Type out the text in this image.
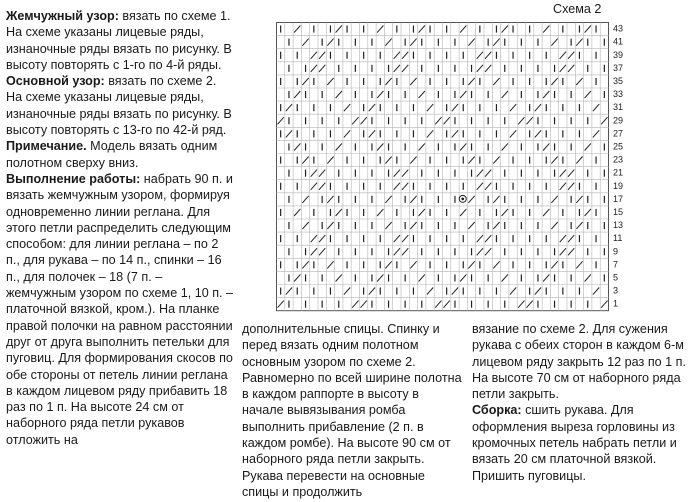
Жемчужный узор: вязать по схеме 1. На схеме указаны лицевые ряды, изнаночные ряды вязать по рисунку. В высоту повторять с 1-го по 4-й ряды.

Основной узор: вязать по схеме 2. На схеме указаны лицевые ряды, изнаночные ряды вязать по рисунку. В высоту повторять с 13-го по 42-й ряд.

Примечание. Модель вязать одним полотном сверху вниз.

Выполнение работы: набрать 90 п. и вязать жемчужным узором, формируя одновременно линии реглана. Для этого петли распределить следующим способом: для линии реглана – по 2 п., для рукава – по 14 п., спинки – 16 п., для полочек – 18 (7 п. – жемчужным узором по схеме 1, 10 п. – платочной вязкой, кром.). На планке правой полочки на равном расстоянии друг от друга выполнить петельки для пуговиц. Для формирования скосов по обе стороны от петель линии реглана в каждом лицевом ряду прибавить 18 раз по 1 п. На высоте 24 см от наборного ряда петли рукавов отложить на

Схема 2
43
41
39
37
35
33
31
29
27
25
23
21
19
17
15
13
11
9
7
5
3
1

дополнительные спицы. Спинку и перед вязать одним полотном основным узором по схеме 2. Равномерно по всей ширине полотна в каждом раппорте в высоту в начале вывязывания ромба выполнить прибавление (2 п. в каждом ромбе). На высоте 90 см от наборного ряда петли закрыть. Рукава перевести на основные спицы и продолжить

вязание по схеме 2. Для сужения рукава с обеих сторон в каждом 6-м лицевом ряду закрыть 12 раз по 1 п. На высоте 70 см от наборного ряда петли закрыть.

Сборка: сшить рукава. Для оформления выреза горловины из кромочных петель набрать петли и вязать 20 см платочной вязкой. Пришить пуговицы.
